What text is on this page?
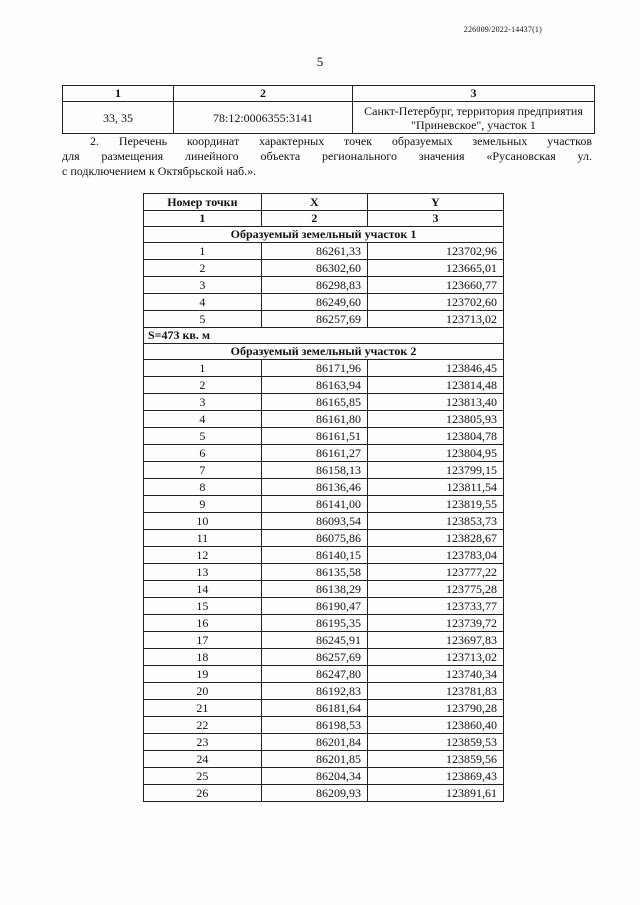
226009/2022-14437(1)
5
1	2	3
33, 35	78:12:0006355:3141	Санкт-Петербург, территория предприятия
"Приневское", участок 1
2. Перечень координат характерных точек образуемых земельных участков
для размещения линейного объекта регионального значения «Русановская ул.
с подключением к Октябрьской наб.».
Номер точки	X	Y
1	2	3
Образуемый земельный участок 1		
1	86261,33	123702,96
2	86302,60	123665,01
3	86298,83	123660,77
4	86249,60	123702,60
5	86257,69	123713,02
S=473 кв. м		
Образуемый земельный участок 2		
1	86171,96	123846,45
2	86163,94	123814,48
3	86165,85	123813,40
4	86161,80	123805,93
5	86161,51	123804,78
6	86161,27	123804,95
7	86158,13	123799,15
8	86136,46	123811,54
9	86141,00	123819,55
10	86093,54	123853,73
11	86075,86	123828,67
12	86140,15	123783,04
13	86135,58	123777,22
14	86138,29	123775,28
15	86190,47	123733,77
16	86195,35	123739,72
17	86245,91	123697,83
18	86257,69	123713,02
19	86247,80	123740,34
20	86192,83	123781,83
21	86181,64	123790,28
22	86198,53	123860,40
23	86201,84	123859,53
24	86201,85	123859,56
25	86204,34	123869,43
26	86209,93	123891,61
